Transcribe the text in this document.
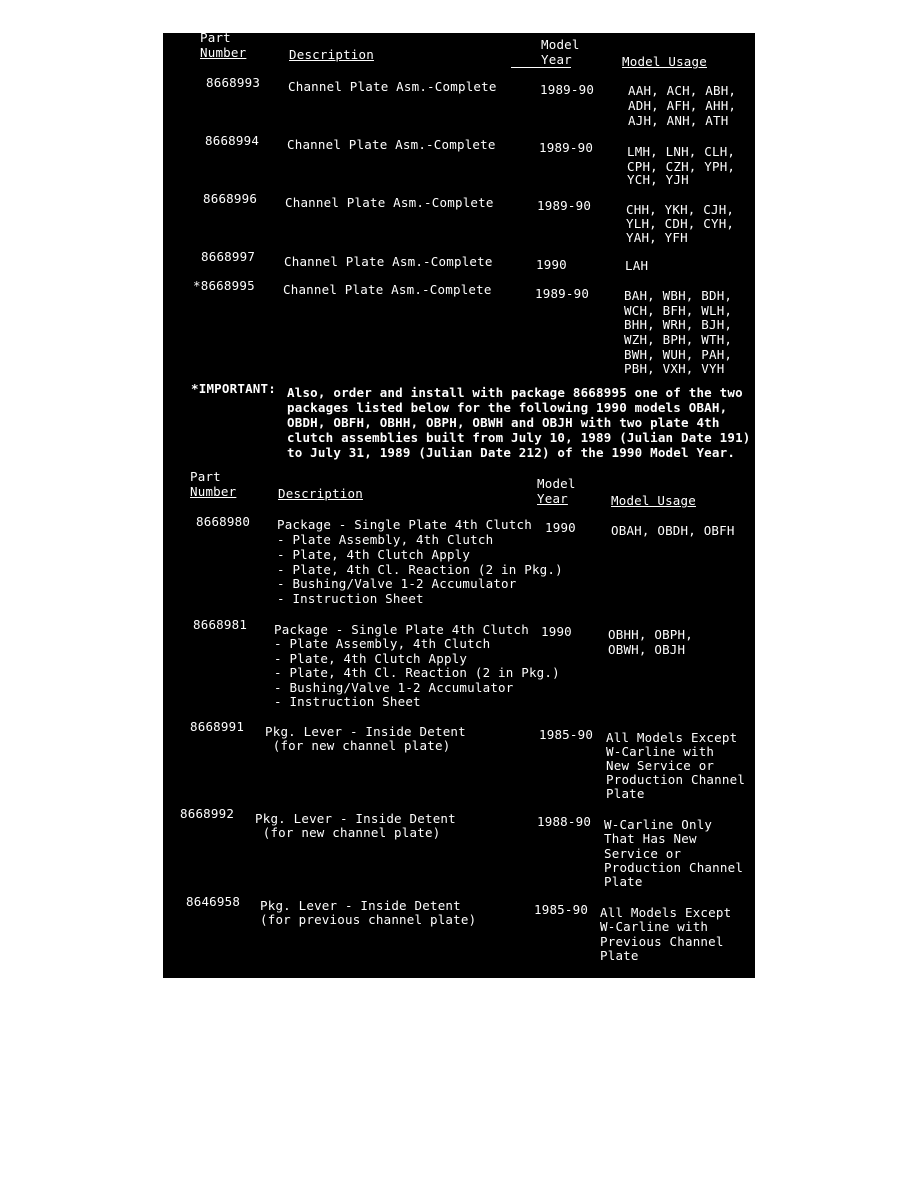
Part
Number	Description
Model
Year	Model Usage
8668993 Channel Plate Asm.-Complete	1989-90	AAH, ACH, ABH,
ADH, AFH, AHH,
AJH, ANH, ATH
8668994 Channel Plate Asm.-Complete	1989-90	LMH, LNH, CLH,
CPH, CZH, YPH,
YCH, YJH
8668996 Channel Plate Asm.-Complete	1989-90	CHH, YKH, CJH,
YLH, CDH, CYH,
YAH, YFH
8668997 Channel Plate Asm.-Complete	1990	LAH
*8668995 Channel Plate Asm.-Complete	1989-90	BAH, WBH, BDH,
WCH, BFH, WLH,
BHH, WRH, BJH,
WZH, BPH, WTH,
BWH, WUH, PAH,
PBH, VXH, VYH
*IMPORTANT: Also, order and install with package 8668995 one of the two
packages listed below for the following 1990 models OBAH,
OBDH, OBFH, OBHH, OBPH, OBWH and OBJH with two plate 4th
clutch assemblies built from July 10, 1989 (Julian Date 191)
to July 31, 1989 (Julian Date 212) of the 1990 Model Year.
Part
Number	Description
Model
Year	Model Usage
8668980 Package - Single Plate 4th Clutch
- Plate Assembly, 4th Clutch
- Plate, 4th Clutch Apply
- Plate, 4th Cl. Reaction (2 in Pkg.)
- Bushing/Valve 1-2 Accumulator
- Instruction Sheet
1990	OBAH, OBDH, OBFH
8668981 Package - Single Plate 4th Clutch
- Plate Assembly, 4th Clutch
- Plate, 4th Clutch Apply
- Plate, 4th Cl. Reaction (2 in Pkg.)
- Bushing/Valve 1-2 Accumulator
- Instruction Sheet
1990	OBHH, OBPH,
OBWH, OBJH
8668991 Pkg. Lever - Inside Detent
(for new channel plate)
1985-90 All Models Except
W-Carline with
New Service or
Production Channel
Plate
8668992 Pkg. Lever - Inside Detent
(for new channel plate)
1988-90 W-Carline Only
That Has New
Service or
Production Channel
Plate
8646958 Pkg. Lever - Inside Detent
(for previous channel plate)
1985-90 All Models Except
W-Carline with
Previous Channel
Plate
